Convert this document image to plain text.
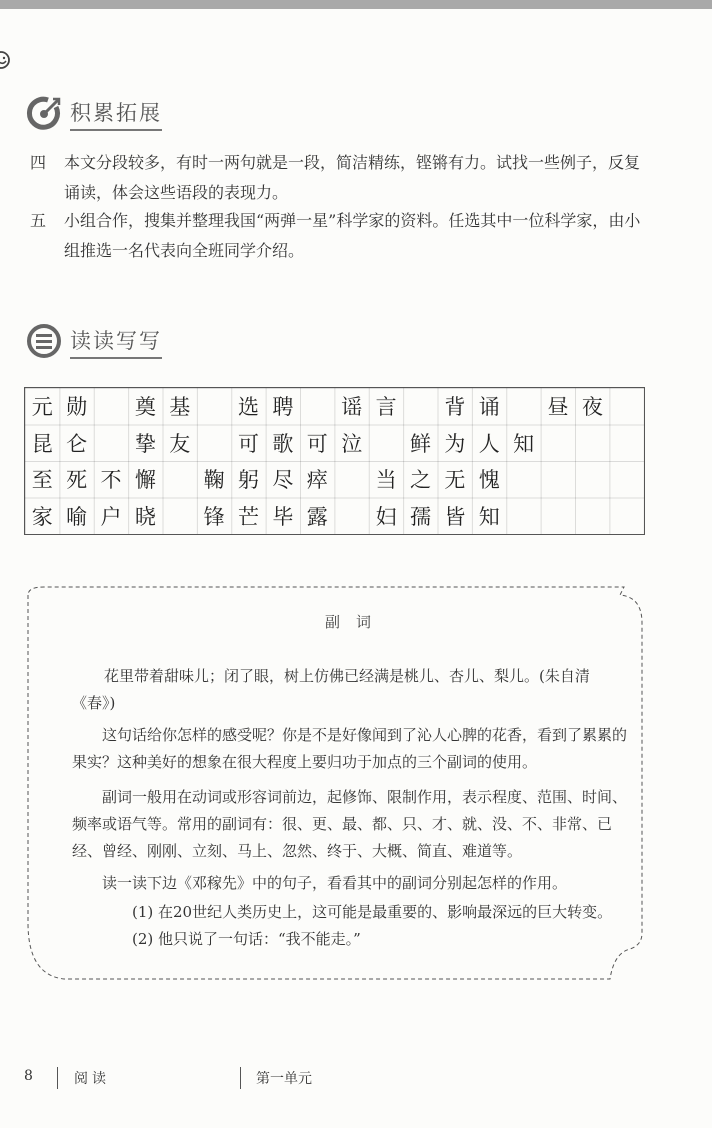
积累拓展
四 本文分段较多，有时一两句就是一段，简洁精练，铿锵有力。试找一些例子，反复诵读，体会这些语段的表现力。
五 小组合作，搜集并整理我国“两弹一星”科学家的资料。任选其中一位科学家，由小组推选一名代表向全班同学介绍。
读读写写
元 勋	奠 基	选 聘	谣 言	背 诵	昼 夜
昆 仑	挚 友	可 歌 可 泣	鲜 为 人 知
至 死 不 懈	鞠 躬 尽 瘁	当 之 无 愧
家 喻 户 晓	锋 芒 毕 露	妇 孺 皆 知
副词
花里带着甜味儿；闭了眼，树上仿佛已经满是桃儿、杏儿、梨儿。(朱自清《春》)
这句话给你怎样的感受呢？你是不是好像闻到了沁人心脾的花香，看到了累累的果实？这种美好的想象在很大程度上要归功于加点的三个副词的使用。
副词一般用在动词或形容词前边，起修饰、限制作用，表示程度、范围、时间、频率或语气等。常用的副词有：很、更、最、都、只、才、就、没、不、非常、已经、曾经、刚刚、立刻、马上、忽然、终于、大概、简直、难道等。
读一读下边《邓稼先》中的句子，看看其中的副词分别起怎样的作用。
(1) 在20世纪人类历史上，这可能是最重要的、影响最深远的巨大转变。
(2) 他只说了一句话：“我不能走。”
8	阅读	第一单元
